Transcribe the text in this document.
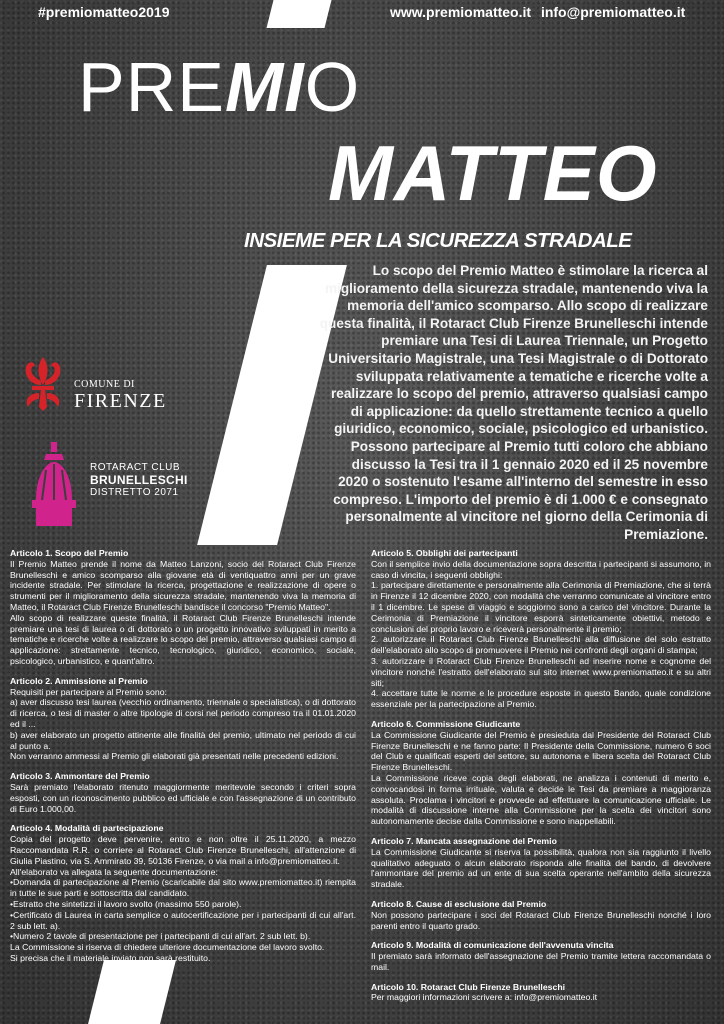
#premiomatteo2019	www.premiomatteo.it info@premiomatteo.it
PREMIO
MATTEO
INSIEME PER LA SICUREZZA STRADALE
Lo scopo del Premio Matteo è stimolare la ricerca al miglioramento della sicurezza stradale, mantenendo viva la memoria dell'amico scomparso. Allo scopo di realizzare questa finalità, il Rotaract Club Firenze Brunelleschi intende premiare una Tesi di Laurea Triennale, un Progetto Universitario Magistrale, una Tesi Magistrale o di Dottorato sviluppata relativamente a tematiche e ricerche volte a realizzare lo scopo del premio, attraverso qualsiasi campo di applicazione: da quello strettamente tecnico a quello giuridico, economico, sociale, psicologico ed urbanistico. Possono partecipare al Premio tutti coloro che abbiano discusso la Tesi tra il 1 gennaio 2020 ed il 25 novembre 2020 o sostenuto l'esame all'interno del semestre in esso compreso. L'importo del premio è di 1.000 € e consegnato personalmente al vincitore nel giorno della Cerimonia di Premiazione.
COMUNE DI
FIRENZE
ROTARACT CLUB
BRUNELLESCHI
DISTRETTO 2071
Articolo 1. Scopo del Premio
Il Premio Matteo prende il nome da Matteo Lanzoni, socio del Rotaract Club Firenze Brunelleschi e amico scomparso alla giovane età di ventiquattro anni per un grave incidente stradale. Per stimolare la ricerca, progettazione e realizzazione di opere o strumenti per il miglioramento della sicurezza stradale, mantenendo viva la memoria di Matteo, il Rotaract Club Firenze Brunelleschi bandisce il concorso "Premio Matteo".
Allo scopo di realizzare queste finalità, il Rotaract Club Firenze Brunelleschi intende premiare una tesi di laurea o di dottorato o un progetto innovativo sviluppati in merito a tematiche e ricerche volte a realizzare lo scopo del premio, attraverso qualsiasi campo di applicazione: strettamente tecnico, tecnologico, giuridico, economico, sociale, psicologico, urbanistico, e quant'altro.
Articolo 2. Ammissione al Premio
Requisiti per partecipare al Premio sono:
a) aver discusso tesi laurea (vecchio ordinamento, triennale o specialistica), o di dottorato di ricerca, o tesi di master o altre tipologie di corsi nel periodo compreso tra il 01.01.2020 ed il ...
b) aver elaborato un progetto attinente alle finalità del premio, ultimato nel periodo di cui al punto a.
Non verranno ammessi al Premio gli elaborati già presentati nelle precedenti edizioni.
Articolo 3. Ammontare del Premio
Sarà premiato l'elaborato ritenuto maggiormente meritevole secondo i criteri sopra esposti, con un riconoscimento pubblico ed ufficiale e con l'assegnazione di un contributo di Euro 1.000,00.
Articolo 4. Modalità di partecipazione
Copia del progetto deve pervenire, entro e non oltre il 25.11.2020, a mezzo Raccomandata R.R. o corriere al Rotaract Club Firenze Brunelleschi, all'attenzione di Giulia Piastino, via S. Ammirato 39, 50136 Firenze, o via mail a info@premiomatteo.it.
All'elaborato va allegata la seguente documentazione:
•Domanda di partecipazione al Premio (scaricabile dal sito www.premiomatteo.it) riempita in tutte le sue parti e sottoscritta dal candidato.
•Estratto che sintetizzi il lavoro svolto (massimo 550 parole).
•Certificato di Laurea in carta semplice o autocertificazione per i partecipanti di cui all'art. 2 sub lett. a).
•Numero 2 tavole di presentazione per i partecipanti di cui all'art. 2 sub lett. b).
La Commissione si riserva di chiedere ulteriore documentazione del lavoro svolto.
Si precisa che il materiale inviato non sarà restituito.
Articolo 5. Obblighi dei partecipanti
Con il semplice invio della documentazione sopra descritta i partecipanti si assumono, in caso di vincita, i seguenti obblighi:
1. partecipare direttamente e personalmente alla Cerimonia di Premiazione, che si terrà in Firenze il 12 dicembre 2020, con modalità che verranno comunicate al vincitore entro il 1 dicembre. Le spese di viaggio e soggiorno sono a carico del vincitore. Durante la Cerimonia di Premiazione il vincitore esporrà sinteticamente obiettivi, metodo e conclusioni del proprio lavoro e riceverà personalmente il premio;
2. autorizzare il Rotaract Club Firenze Brunelleschi alla diffusione del solo estratto dell'elaborato allo scopo di promuovere il Premio nei confronti degli organi di stampa;
3. autorizzare il Rotaract Club Firenze Brunelleschi ad inserire nome e cognome del vincitore nonché l'estratto dell'elaborato sul sito internet www.premiomatteo.it e su altri siti;
4. accettare tutte le norme e le procedure esposte in questo Bando, quale condizione essenziale per la partecipazione al Premio.
Articolo 6. Commissione Giudicante
La Commissione Giudicante del Premio è presieduta dal Presidente del Rotaract Club Firenze Brunelleschi e ne fanno parte: Il Presidente della Commissione, numero 6 soci del Club e qualificati esperti del settore, su autonoma e libera scelta del Rotaract Club Firenze Brunelleschi.
La Commissione riceve copia degli elaborati, ne analizza i contenuti di merito e, convocandosi in forma irrituale, valuta e decide le Tesi da premiare a maggioranza assoluta. Proclama i vincitori e provvede ad effettuare la comunicazione ufficiale. Le modalità di discussione interne alla Commissione per la scelta dei vincitori sono autonomamente decise dalla Commissione e sono inappellabili.
Articolo 7. Mancata assegnazione del Premio
La Commissione Giudicante si riserva la possibilità, qualora non sia raggiunto il livello qualitativo adeguato o alcun elaborato risponda alle finalità del bando, di devolvere l'ammontare del premio ad un ente di sua scelta operante nell'ambito della sicurezza stradale.
Articolo 8. Cause di esclusione dal Premio
Non possono partecipare i soci del Rotaract Club Firenze Brunelleschi nonché i loro parenti entro il quarto grado.
Articolo 9. Modalità di comunicazione dell'avvenuta vincita
Il premiato sarà informato dell'assegnazione del Premio tramite lettera raccomandata o mail.
Articolo 10. Rotaract Club Firenze Brunelleschi
Per maggiori informazioni scrivere a: info@premiomatteo.it
